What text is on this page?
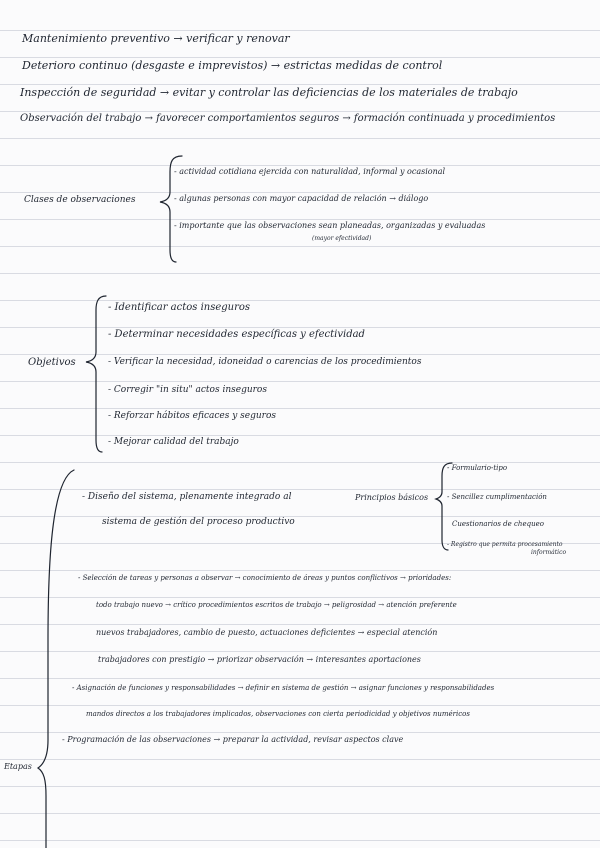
Mantenimiento preventivo → verificar y renovar
Deterioro continuo (desgaste e imprevistos) → estrictas medidas de control
Inspección de seguridad → evitar y controlar las deficiencias de los materiales de trabajo
Observación del trabajo → favorecer comportamientos seguros → formación continuada y procedimientos
Clases de observaciones
- actividad cotidiana ejercida con naturalidad, informal y ocasional
- algunas personas con mayor capacidad de relación → diálogo
- importante que las observaciones sean planeadas, organizadas y evaluadas
(mayor efectividad)
Objetivos
- Identificar actos inseguros
- Determinar necesidades específicas y efectividad
- Verificar la necesidad, idoneidad o carencias de los procedimientos
- Corregir "in situ" actos inseguros
- Reforzar hábitos eficaces y seguros
- Mejorar calidad del trabajo
- Diseño del sistema, plenamente integrado al
sistema de gestión del proceso productivo
Principios básicos
- Formulario-tipo
- Sencillez cumplimentación
Cuestionarios de chequeo
- Registro que permita procesamiento
informático
- Selección de tareas y personas a observar → conocimiento de áreas y puntos conflictivos → prioridades:
todo trabajo nuevo → crítico procedimientos escritos de trabajo → peligrosidad → atención preferente
nuevos trabajadores, cambio de puesto, actuaciones deficientes → especial atención
trabajadores con prestigio → priorizar observación → interesantes aportaciones
- Asignación de funciones y responsabilidades → definir en sistema de gestión → asignar funciones y responsabilidades
mandos directos a los trabajadores implicados, observaciones con cierta periodicidad y objetivos numéricos
- Programación de las observaciones → preparar la actividad, revisar aspectos clave
Etapas
